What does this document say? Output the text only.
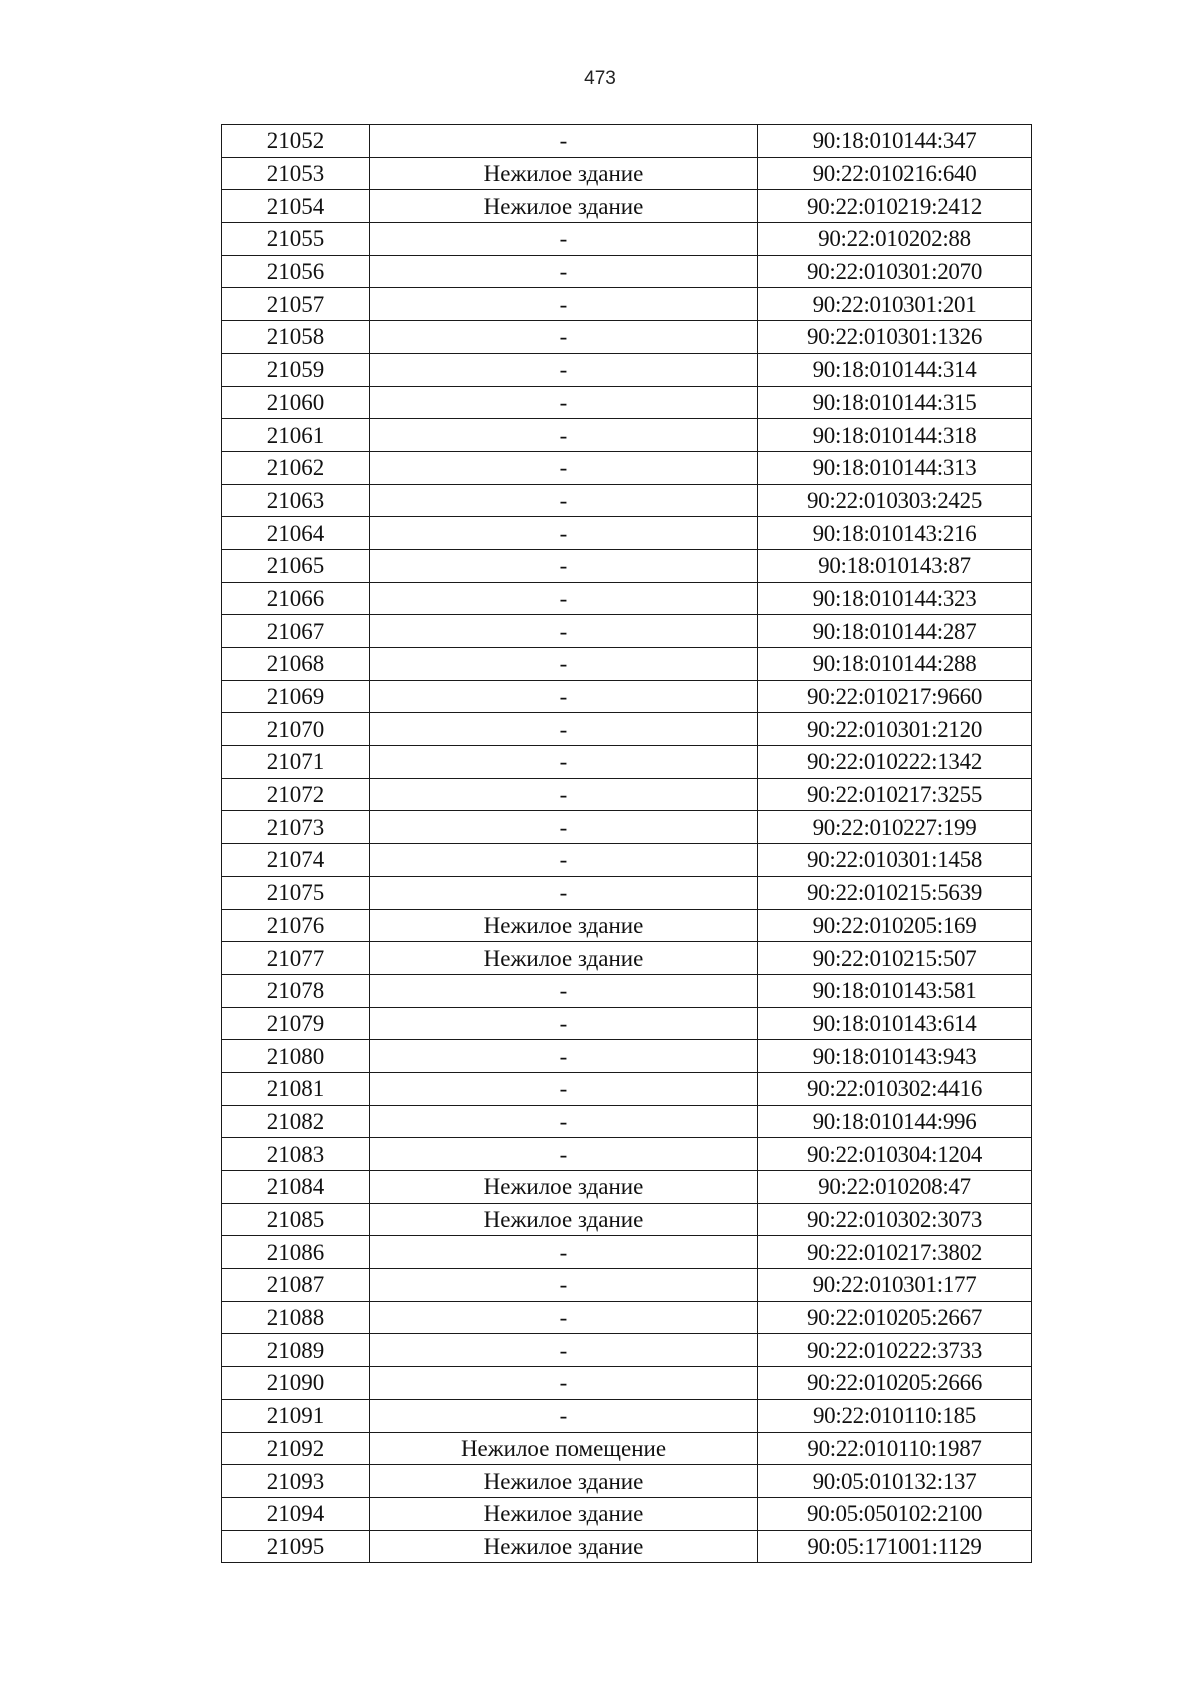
473
21052	-	90:18:010144:347
21053	Нежилое здание	90:22:010216:640
21054	Нежилое здание	90:22:010219:2412
21055	-	90:22:010202:88
21056	-	90:22:010301:2070
21057	-	90:22:010301:201
21058	-	90:22:010301:1326
21059	-	90:18:010144:314
21060	-	90:18:010144:315
21061	-	90:18:010144:318
21062	-	90:18:010144:313
21063	-	90:22:010303:2425
21064	-	90:18:010143:216
21065	-	90:18:010143:87
21066	-	90:18:010144:323
21067	-	90:18:010144:287
21068	-	90:18:010144:288
21069	-	90:22:010217:9660
21070	-	90:22:010301:2120
21071	-	90:22:010222:1342
21072	-	90:22:010217:3255
21073	-	90:22:010227:199
21074	-	90:22:010301:1458
21075	-	90:22:010215:5639
21076	Нежилое здание	90:22:010205:169
21077	Нежилое здание	90:22:010215:507
21078	-	90:18:010143:581
21079	-	90:18:010143:614
21080	-	90:18:010143:943
21081	-	90:22:010302:4416
21082	-	90:18:010144:996
21083	-	90:22:010304:1204
21084	Нежилое здание	90:22:010208:47
21085	Нежилое здание	90:22:010302:3073
21086	-	90:22:010217:3802
21087	-	90:22:010301:177
21088	-	90:22:010205:2667
21089	-	90:22:010222:3733
21090	-	90:22:010205:2666
21091	-	90:22:010110:185
21092	Нежилое помещение	90:22:010110:1987
21093	Нежилое здание	90:05:010132:137
21094	Нежилое здание	90:05:050102:2100
21095	Нежилое здание	90:05:171001:1129
